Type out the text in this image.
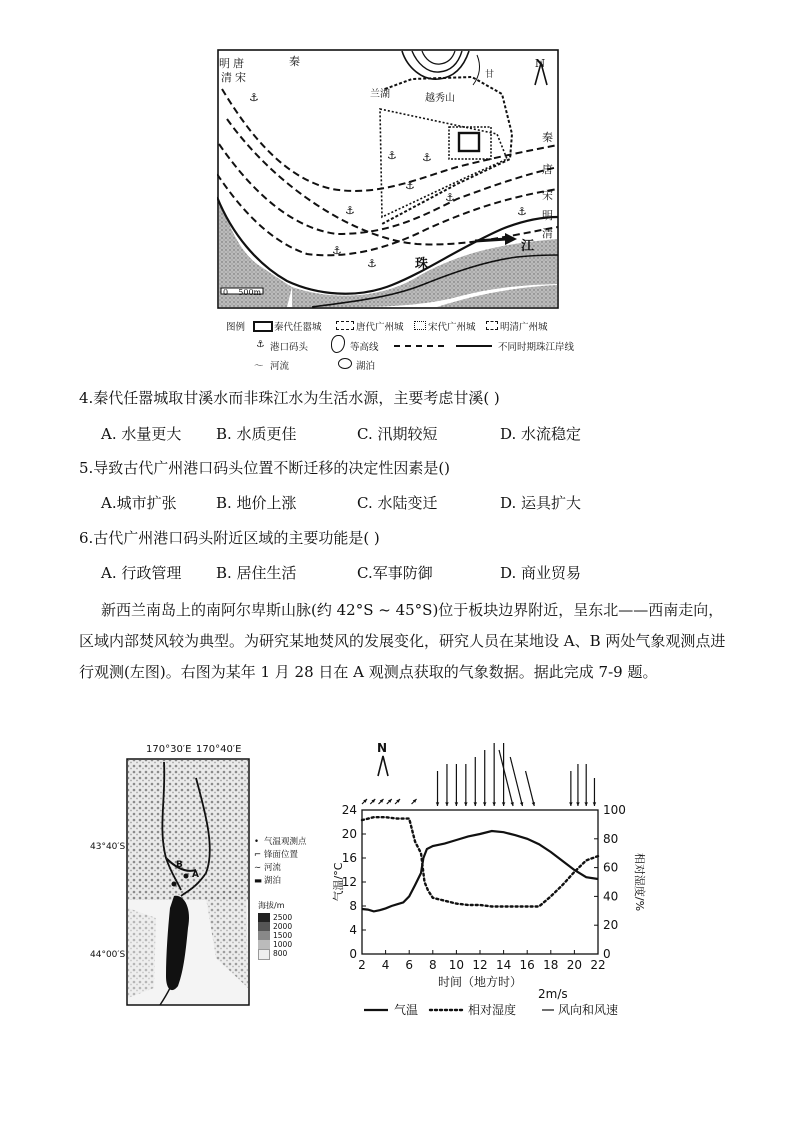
⚓
⚓
⚓
⚓
⚓
⚓
⚓
⚓
⚓
明 唐	秦
宋
清
兰湖	越秀山
N
甘
秦
唐
宋
明
清
江
珠
0    500m
图例	秦代任嚣城	唐代广州城	宋代广州城	明清广州城
⚓ 港口码头	等高线	不同时期珠江岸线
〜 河流	湖泊
4.秦代任嚣城取甘溪水而非珠江水为生活水源，主要考虑甘溪( )
A. 水量更大 B. 水质更佳	C. 汛期较短	D. 水流稳定
5.导致古代广州港口码头位置不断迁移的决定性因素是()
A.城市扩张	B. 地价上涨	C. 水陆变迁	D. 运具扩大
6.古代广州港口码头附近区域的主要功能是( )
A. 行政管理 B. 居住生活	C.军事防御	D. 商业贸易
新西兰南岛上的南阿尔卑斯山脉(约 42°S ~ 45°S)位于板块边界附近，呈东北——西南走向，区域内部焚风较为典型。为研究某地焚风的发展变化，研究人员在某地设 A、B 两处气象观测点进行观测(左图)。右图为某年 1 月 28 日在 A 观测点获取的气象数据。据此完成 7-9 题。
170°30′E 170°40′E
43°40′S
44°00′S
B
A
• 气温观测点
⌐ 锋面位置
∼ 河流
▬ 湖泊
海拔/m
2500
2000
1500
1000
800
N
2 4 6 8 10 12 14 16 18 20 22
0
4
8
12
16
20
24
0
20
40
60
80
100
时间（地方时）
气温/°C	相对湿度/%
气温	相对湿度
2m/s
风向和风速
